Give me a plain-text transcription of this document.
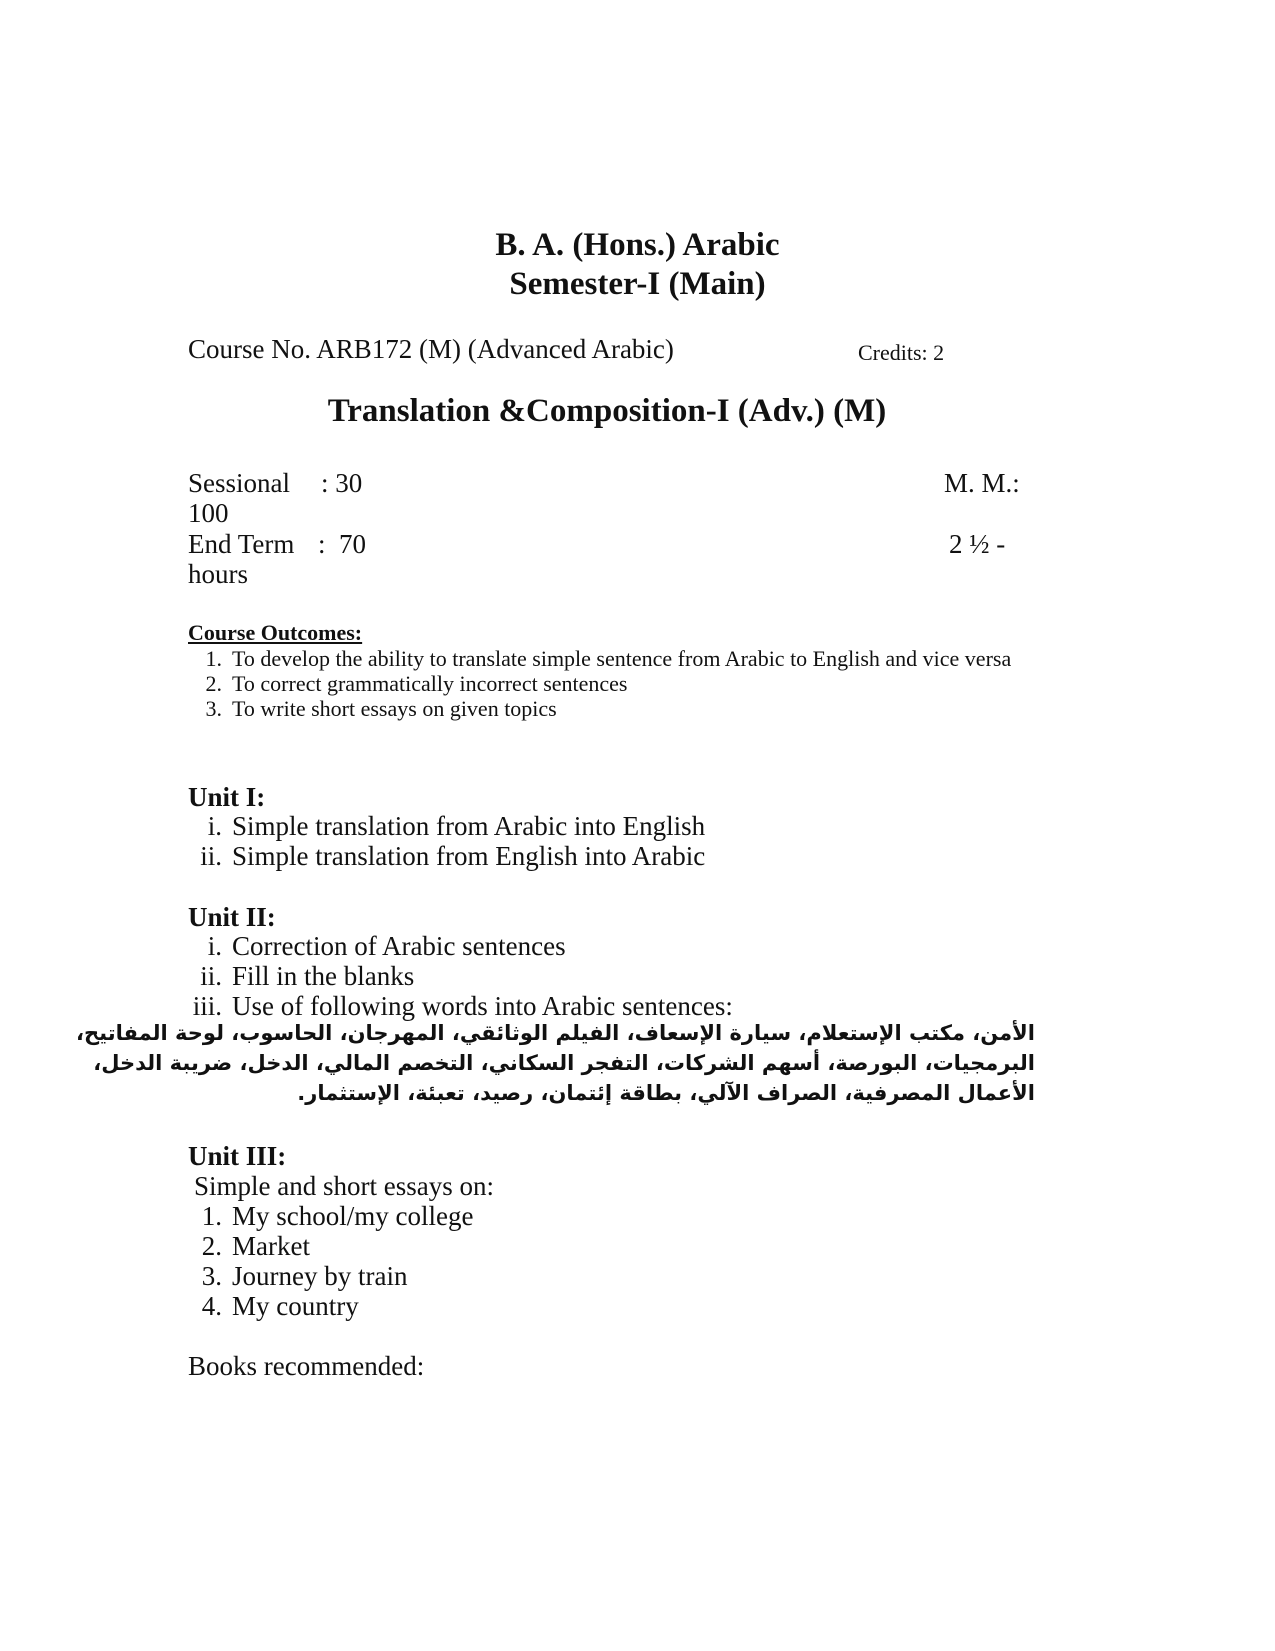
B. A. (Hons.) Arabic
Semester-I (Main)
Course No. ARB172 (M) (Advanced Arabic)	Credits: 2
Translation &Composition-I (Adv.) (M)
Sessional : 30	M. M.:
100
End Term :  70	2 ½ -
hours
Course Outcomes:
1. To develop the ability to translate simple sentence from Arabic to English and vice versa
2. To correct grammatically incorrect sentences
3. To write short essays on given topics
Unit I:
i. Simple translation from Arabic into English
ii. Simple translation from English into Arabic
Unit II:
i. Correction of Arabic sentences
ii. Fill in the blanks
iii. Use of following words into Arabic sentences:
الأمن، مكتب الإستعلام، سيارة الإسعاف، الفيلم الوثائقي، المهرجان، الحاسوب، لوحة المفاتيح،
البرمجيات، البورصة، أسهم الشركات، التفجر السكاني، التخصم المالي، الدخل، ضريبة الدخل،
الأعمال المصرفية، الصراف الآلي، بطاقة إئتمان، رصيد، تعبئة، الإستثمار.
Unit III:
Simple and short essays on:
1. My school/my college
2. Market
3. Journey by train
4. My country
Books recommended:
